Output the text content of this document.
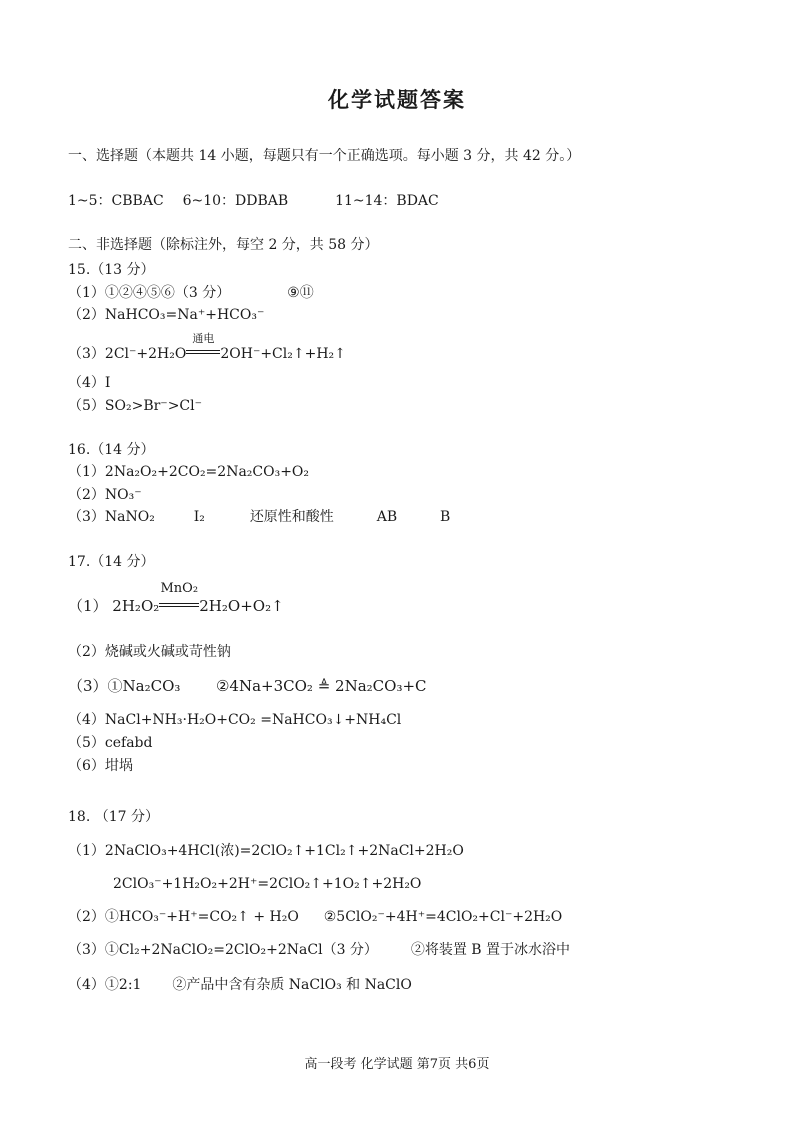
化学试题答案
一、选择题（本题共 14 小题，每题只有一个正确选项。每小题 3 分，共 42 分。）
1~5：CBBAC 6~10：DDBAB	11~14：BDAC
二、非选择题（除标注外，每空 2 分，共 58 分）
15.（13 分）
（1）①②④⑤⑥（3 分）	⑨⑪
（2）NaHCO₃=Na⁺+HCO₃⁻
（3）2Cl⁻+2H₂O
通电
2OH⁻+Cl₂↑+H₂↑
（4）I
（5）SO₂>Br⁻>Cl⁻
16.（14 分）
（1）2Na₂O₂+2CO₂=2Na₂CO₃+O₂
（2）NO₃⁻
（3）NaNO₂	I₂	还原性和酸性	AB	B
17.（14 分）
（1） 2H₂O₂
MnO₂
2H₂O+O₂↑
（2）烧碱或火碱或苛性钠
（3）①Na₂CO₃ ②4Na+3CO₂ ≜ 2Na₂CO₃+C
（4）NaCl+NH₃·H₂O+CO₂ =NaHCO₃↓+NH₄Cl
（5）cefabd
（6）坩埚
18. （17 分）
（1）2NaClO₃+4HCl(浓)=2ClO₂↑+1Cl₂↑+2NaCl+2H₂O
2ClO₃⁻+1H₂O₂+2H⁺=2ClO₂↑+1O₂↑+2H₂O
（2）①HCO₃⁻+H⁺=CO₂↑ + H₂O ②5ClO₂⁻+4H⁺=4ClO₂+Cl⁻+2H₂O
（3）①Cl₂+2NaClO₂=2ClO₂+2NaCl（3 分） ②将装置 B 置于冰水浴中
（4）①2:1 ②产品中含有杂质 NaClO₃ 和 NaClO
高一段考 化学试题 第7页 共6页
